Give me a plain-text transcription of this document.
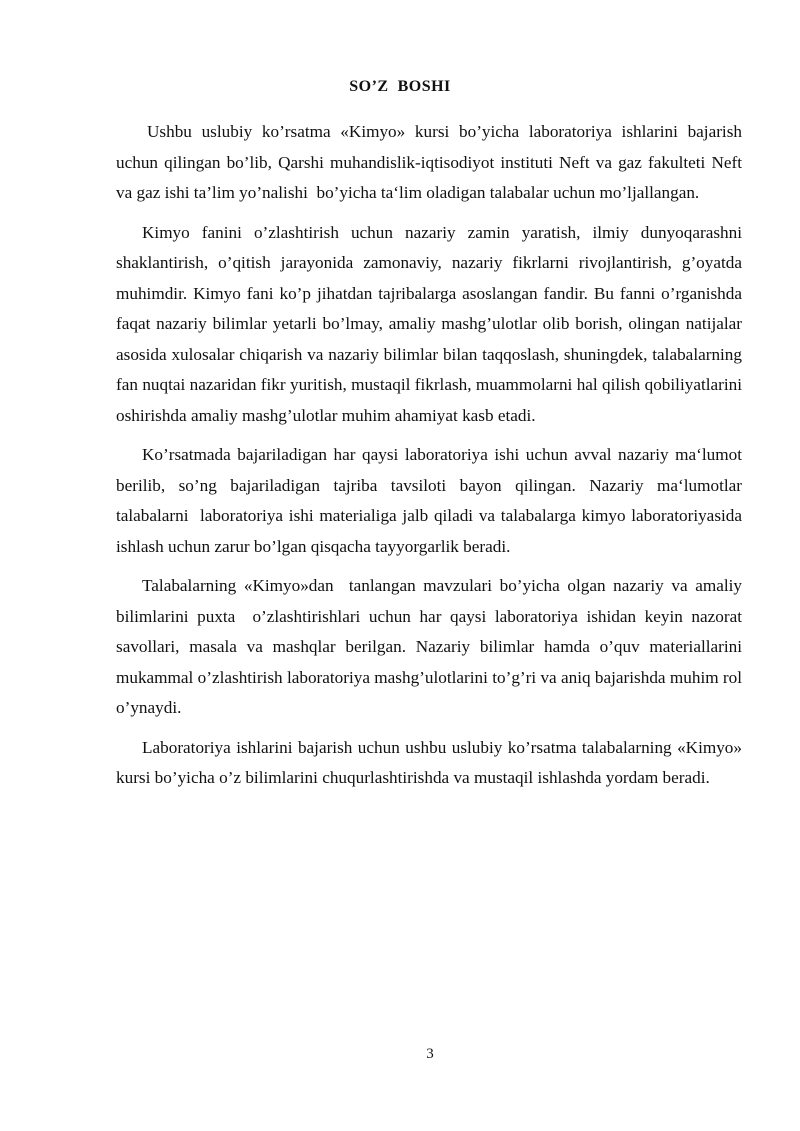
SO’Z  BOSHI

Ushbu uslubiy ko’rsatma «Kimyo» kursi bo’yicha laboratoriya ishlarini bajarish uchun qilingan bo’lib, Qarshi muhandislik-iqtisodiyot instituti Neft va gaz fakulteti Neft va gaz ishi ta’lim yo’nalishi  bo’yicha ta‘lim oladigan talabalar uchun mo’ljallangan.

Kimyo fanini o’zlashtirish uchun nazariy zamin yaratish, ilmiy dunyoqarashni shaklantirish, o’qitish jarayonida zamonaviy, nazariy fikrlarni rivojlantirish, g’oyatda muhimdir. Kimyo fani ko’p jihatdan tajribalarga asoslangan fandir. Bu fanni o’rganishda  faqat nazariy bilimlar yetarli bo’lmay, amaliy mashg’ulotlar olib borish, olingan natijalar asosida xulosalar chiqarish va nazariy bilimlar bilan taqqoslash, shuningdek, talabalarning fan nuqtai nazaridan fikr yuritish, mustaqil fikrlash, muammolarni hal qilish qobiliyatlarini oshirishda amaliy mashg’ulotlar muhim ahamiyat kasb etadi.

Ko’rsatmada bajariladigan har qaysi laboratoriya ishi uchun avval nazariy ma‘lumot berilib, so’ng bajariladigan tajriba tavsiloti bayon qilingan. Nazariy ma‘lumotlar  talabalarni  laboratoriya ishi materialiga jalb qiladi va talabalarga kimyo laboratoriyasida ishlash uchun zarur bo’lgan qisqacha tayyorgarlik beradi.

Talabalarning «Kimyo»dan  tanlangan mavzulari bo’yicha olgan nazariy va amaliy bilimlarini puxta  o’zlashtirishlari uchun har qaysi laboratoriya ishidan keyin nazorat savollari, masala va mashqlar berilgan. Nazariy bilimlar hamda o’quv materiallarini mukammal o’zlashtirish laboratoriya mashg’ulotlarini to’g’ri va aniq bajarishda muhim rol o’ynaydi.

Laboratoriya ishlarini bajarish uchun ushbu uslubiy ko’rsatma talabalarning «Kimyo» kursi bo’yicha o’z bilimlarini chuqurlashtirishda va mustaqil ishlashda yordam beradi.

3
